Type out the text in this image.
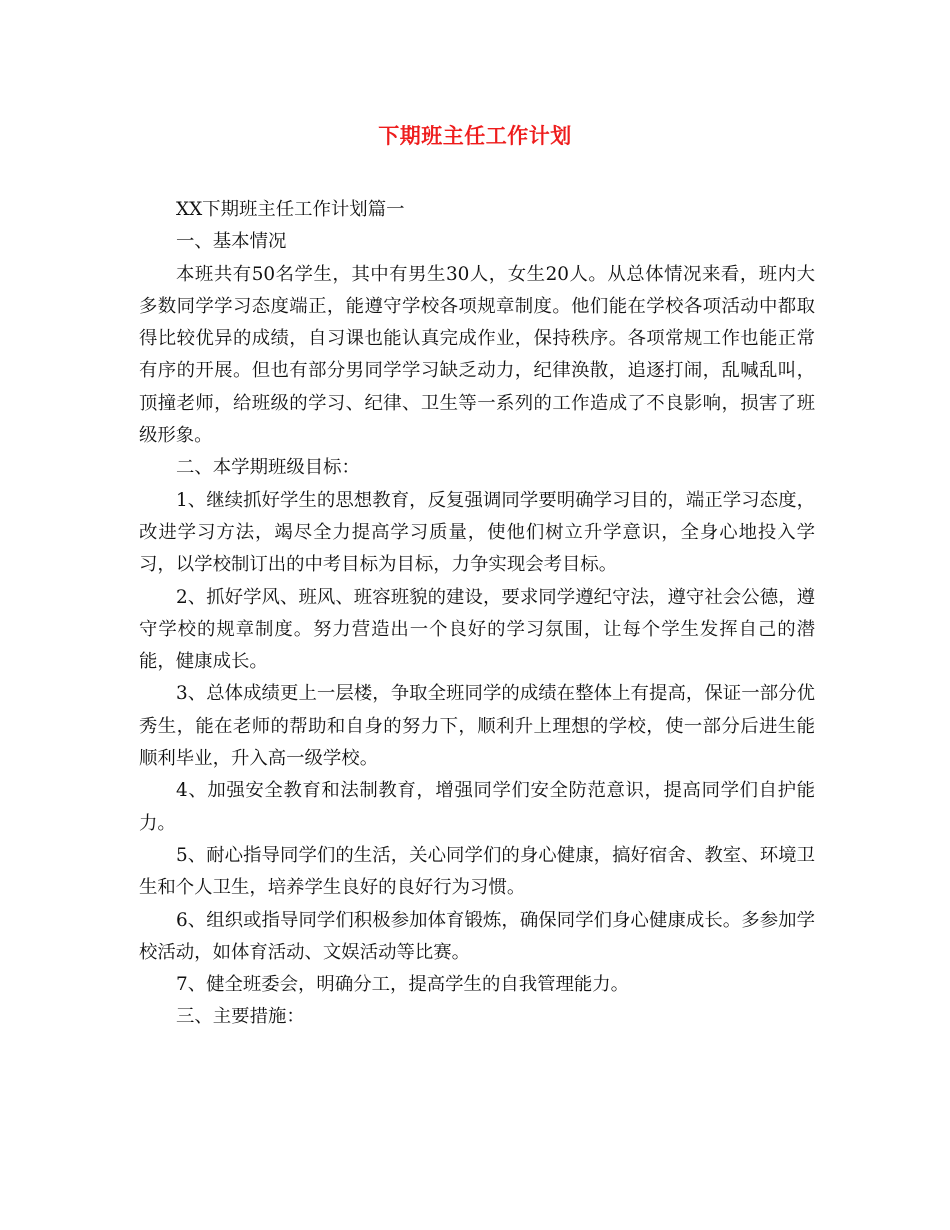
下期班主任工作计划

XX下期班主任工作计划篇一

一、基本情况

本班共有50名学生，其中有男生30人，女生20人。从总体情况来看，班内大多数同学学习态度端正，能遵守学校各项规章制度。他们能在学校各项活动中都取得比较优异的成绩，自习课也能认真完成作业，保持秩序。各项常规工作也能正常有序的开展。但也有部分男同学学习缺乏动力，纪律涣散，追逐打闹，乱喊乱叫，顶撞老师，给班级的学习、纪律、卫生等一系列的工作造成了不良影响，损害了班级形象。

二、本学期班级目标：

1、继续抓好学生的思想教育，反复强调同学要明确学习目的，端正学习态度，改进学习方法，竭尽全力提高学习质量，使他们树立升学意识，全身心地投入学习，以学校制订出的中考目标为目标，力争实现会考目标。

2、抓好学风、班风、班容班貌的建设，要求同学遵纪守法，遵守社会公德，遵守学校的规章制度。努力营造出一个良好的学习氛围，让每个学生发挥自己的潜能，健康成长。

3、总体成绩更上一层楼，争取全班同学的成绩在整体上有提高，保证一部分优秀生，能在老师的帮助和自身的努力下，顺利升上理想的学校，使一部分后进生能顺利毕业，升入高一级学校。

4、加强安全教育和法制教育，增强同学们安全防范意识，提高同学们自护能力。

5、耐心指导同学们的生活，关心同学们的身心健康，搞好宿舍、教室、环境卫生和个人卫生，培养学生良好的良好行为习惯。

6、组织或指导同学们积极参加体育锻炼，确保同学们身心健康成长。多参加学校活动，如体育活动、文娱活动等比赛。

7、健全班委会，明确分工，提高学生的自我管理能力。

三、主要措施：
